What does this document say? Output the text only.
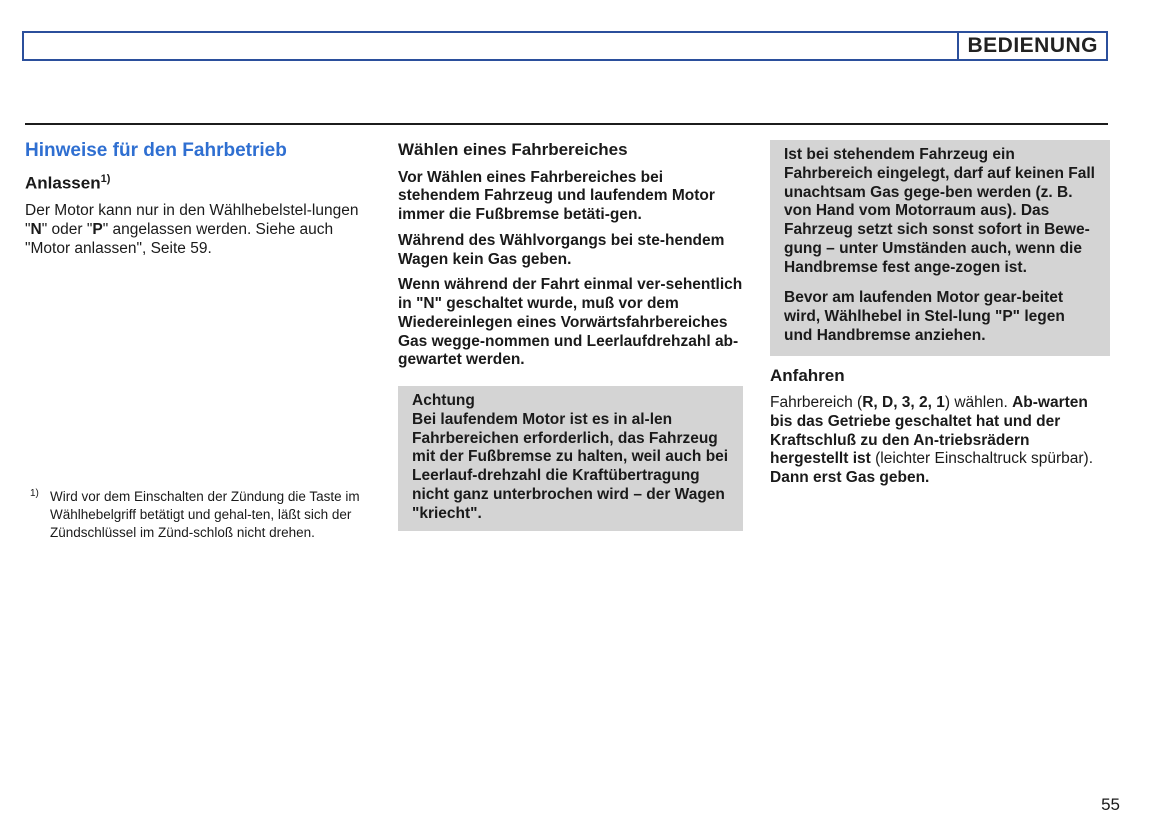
BEDIENUNG
Hinweise für den Fahrbetrieb
Anlassen$^{1)}$

Der Motor kann nur in den Wählhebelstel-lungen "N" oder "P" angelassen werden. Siehe auch "Motor anlassen", Seite 59.

1) Wird vor dem Einschalten der Zündung die Taste im Wählhebelgriff betätigt und gehal-ten, läßt sich der Zündschlüssel im Zünd-schloß nicht drehen.
Wählen eines Fahrbereiches

Vor Wählen eines Fahrbereiches bei stehendem Fahrzeug und laufendem Motor immer die Fußbremse betäti-gen.

Während des Wählvorgangs bei ste-hendem Wagen kein Gas geben.

Wenn während der Fahrt einmal ver-sehentlich in "N" geschaltet wurde, muß vor dem Wiedereinlegen eines Vorwärtsfahrbereiches Gas wegge-nommen und Leerlaufdrehzahl ab-gewartet werden.

Achtung

Bei laufendem Motor ist es in al-len Fahrbereichen erforderlich, das Fahrzeug mit der Fußbremse zu halten, weil auch bei Leerlauf-drehzahl die Kraftübertragung nicht ganz unterbrochen wird – der Wagen "kriecht".

Ist bei stehendem Fahrzeug ein Fahrbereich eingelegt, darf auf keinen Fall unachtsam Gas gege-ben werden (z. B. von Hand vom Motorraum aus). Das Fahrzeug setzt sich sonst sofort in Bewe-gung – unter Umständen auch, wenn die Handbremse fest ange-zogen ist.

Bevor am laufenden Motor gear-beitet wird, Wählhebel in Stel-lung "P" legen und Handbremse anziehen.

Anfahren

Fahrbereich (R, D, 3, 2, 1) wählen. Ab-warten bis das Getriebe geschaltet hat und der Kraftschluß zu den An-triebsrädern hergestellt ist (leichter Einschaltruck spürbar). Dann erst Gas geben.

55
